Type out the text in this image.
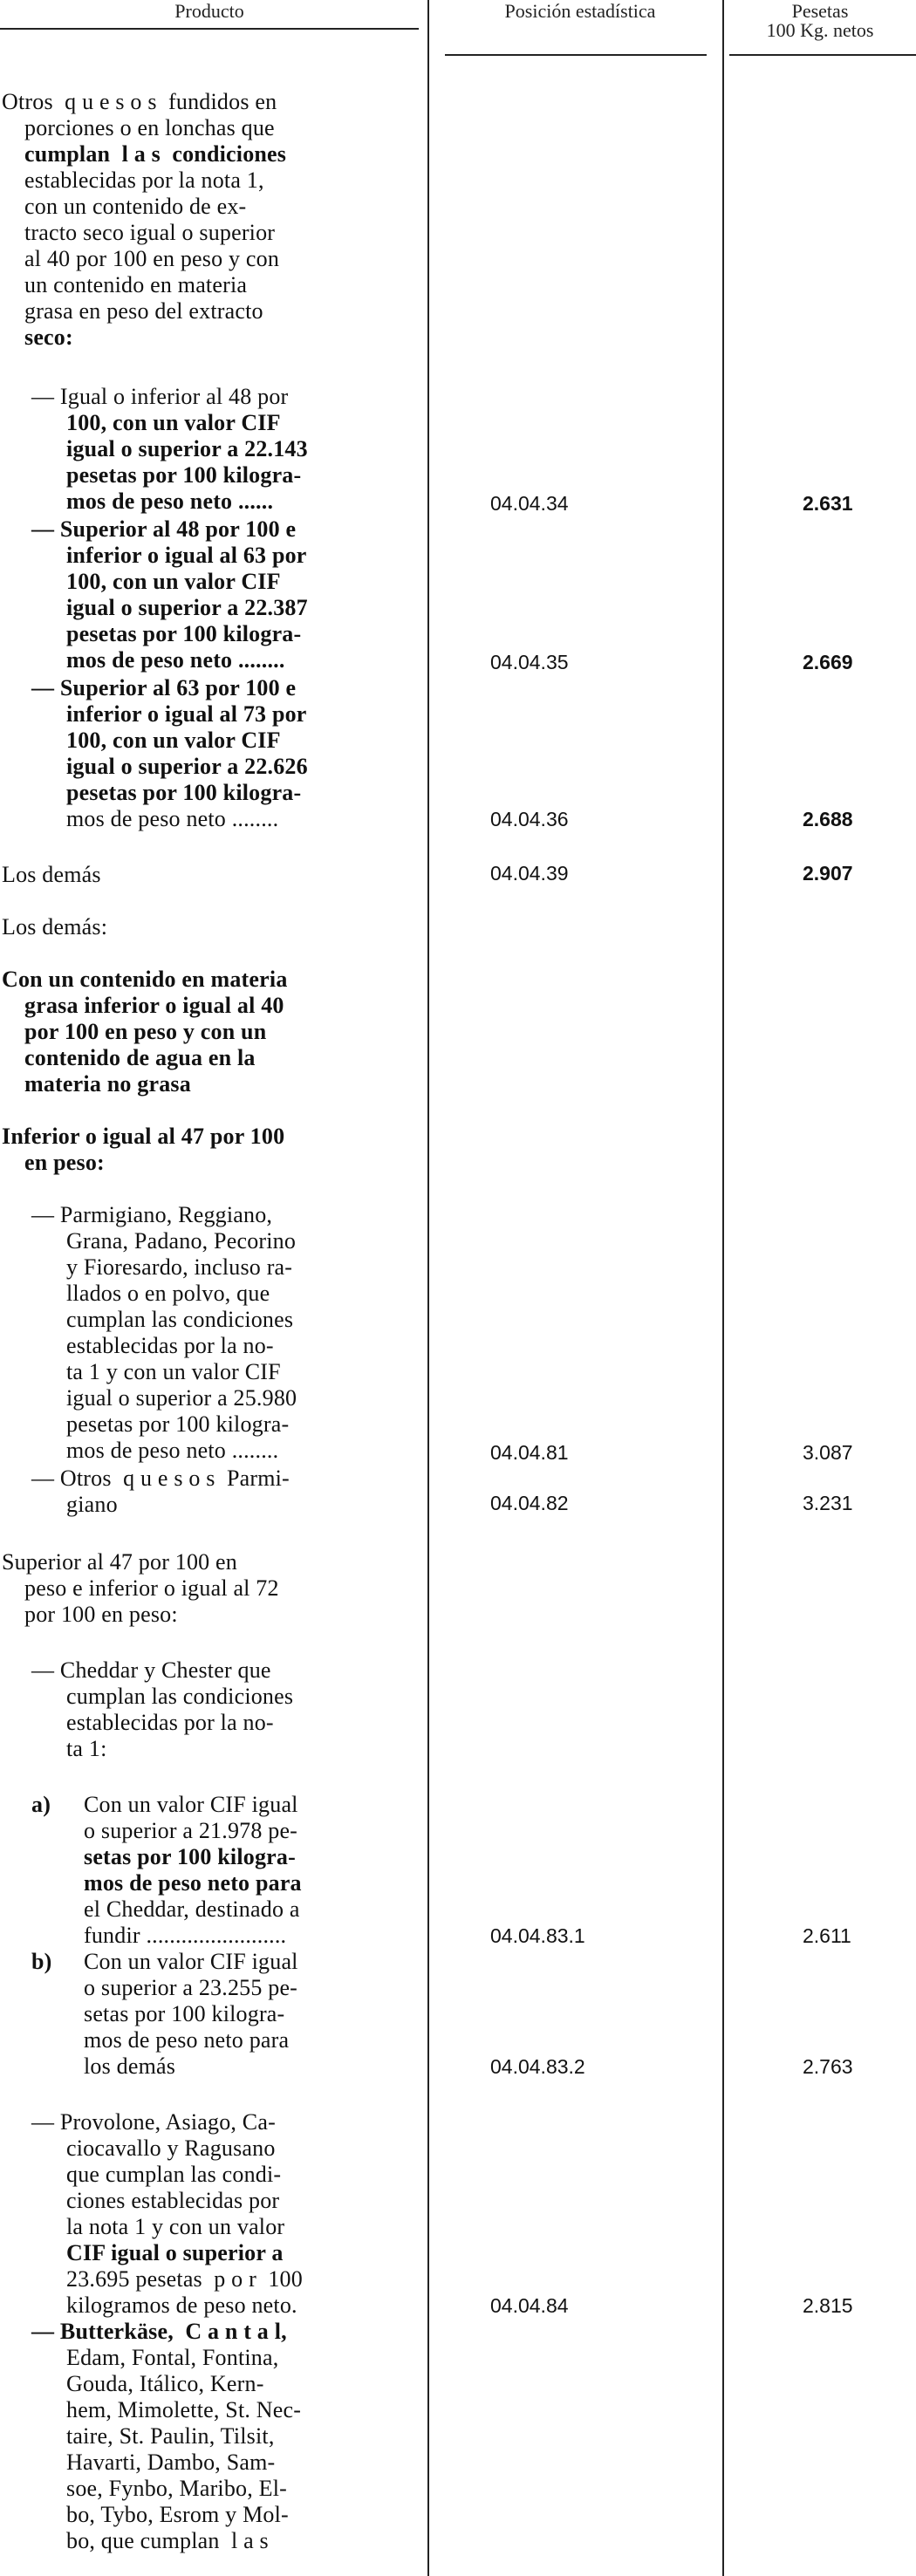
Producto	Posición estadística	Pesetas
100 Kg. netos
Otros  q u e s o s  fundidos en
porciones o en lonchas que
cumplan  l a s  condiciones
establecidas por la nota 1,
con un contenido de ex-
tracto seco igual o superior
al 40 por 100 en peso y con
un contenido en materia
grasa en peso del extracto
seco:
— Igual o inferior al 48 por
100, con un valor CIF
igual o superior a 22.143
pesetas por 100 kilogra-
mos de peso neto ......	04.04.34	2.631
— Superior al 48 por 100 e
inferior o igual al 63 por
100, con un valor CIF
igual o superior a 22.387
pesetas por 100 kilogra-
mos de peso neto ........	04.04.35	2.669
— Superior al 63 por 100 e
inferior o igual al 73 por
100, con un valor CIF
igual o superior a 22.626
pesetas por 100 kilogra-
mos de peso neto ........	04.04.36	2.688
Los demás	04.04.39	2.907
Los demás:
Con un contenido en materia
grasa inferior o igual al 40
por 100 en peso y con un
contenido de agua en la
materia no grasa
Inferior o igual al 47 por 100
en peso:
— Parmigiano, Reggiano,
Grana, Padano, Pecorino
y Fioresardo, incluso ra-
llados o en polvo, que
cumplan las condiciones
establecidas por la no-
ta 1 y con un valor CIF
igual o superior a 25.980
pesetas por 100 kilogra-
mos de peso neto ........	04.04.81	3.087
— Otros  q u e s o s  Parmi-
giano	04.04.82	3.231
Superior al 47 por 100 en
peso e inferior o igual al 72
por 100 en peso:
— Cheddar y Chester que
cumplan las condiciones
establecidas por la no-
ta 1:
a) Con un valor CIF igual
o superior a 21.978 pe-
setas por 100 kilogra-
mos de peso neto para
el Cheddar, destinado a
fundir ........................	04.04.83.1	2.611
b) Con un valor CIF igual
o superior a 23.255 pe-
setas por 100 kilogra-
mos de peso neto para
los demás	04.04.83.2	2.763
— Provolone, Asiago, Ca-
ciocavallo y Ragusano
que cumplan las condi-
ciones establecidas por
la nota 1 y con un valor
CIF igual o superior a
23.695 pesetas  p o r  100
kilogramos de peso neto.	04.04.84	2.815
— Butterkäse,  C a n t a l,
Edam, Fontal, Fontina,
Gouda, Itálico, Kern-
hem, Mimolette, St. Nec-
taire, St. Paulin, Tilsit,
Havarti, Dambo, Sam-
soe, Fynbo, Maribo, El-
bo, Tybo, Esrom y Mol-
bo, que cumplan  l a s
